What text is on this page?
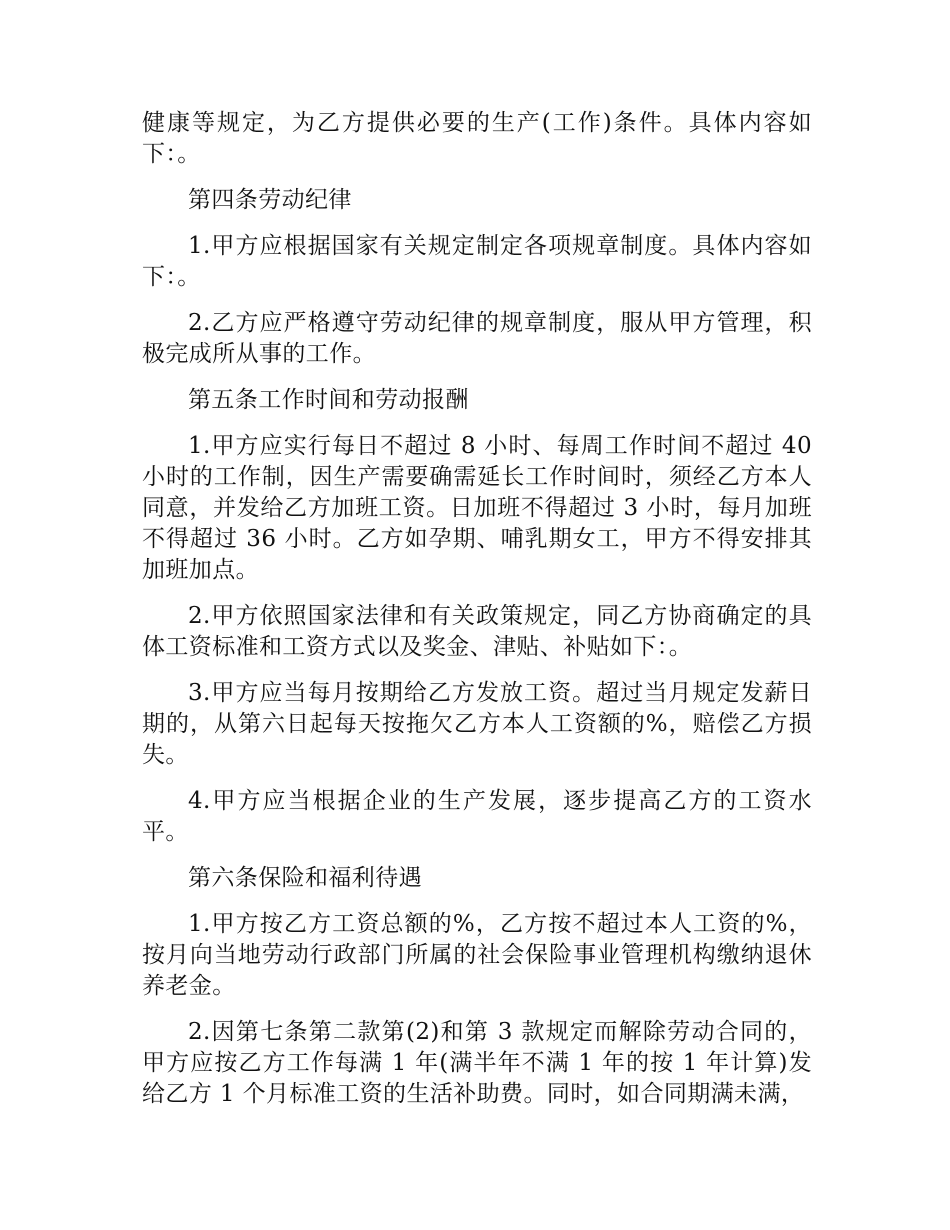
健康等规定，为乙方提供必要的生产(工作)条件。具体内容如下：。

第四条劳动纪律

1.甲方应根据国家有关规定制定各项规章制度。具体内容如下：。

2.乙方应严格遵守劳动纪律的规章制度，服从甲方管理，积极完成所从事的工作。

第五条工作时间和劳动报酬

1.甲方应实行每日不超过 8 小时、每周工作时间不超过 40 小时的工作制，因生产需要确需延长工作时间时，须经乙方本人同意，并发给乙方加班工资。日加班不得超过 3 小时，每月加班不得超过 36 小时。乙方如孕期、哺乳期女工，甲方不得安排其加班加点。

2.甲方依照国家法律和有关政策规定，同乙方协商确定的具体工资标准和工资方式以及奖金、津贴、补贴如下：。

3.甲方应当每月按期给乙方发放工资。超过当月规定发薪日期的，从第六日起每天按拖欠乙方本人工资额的%，赔偿乙方损失。

4.甲方应当根据企业的生产发展，逐步提高乙方的工资水平。

第六条保险和福利待遇

1.甲方按乙方工资总额的%，乙方按不超过本人工资的%，按月向当地劳动行政部门所属的社会保险事业管理机构缴纳退休养老金。

2.因第七条第二款第(2)和第 3 款规定而解除劳动合同的，甲方应按乙方工作每满 1 年(满半年不满 1 年的按 1 年计算)发给乙方 1 个月标准工资的生活补助费。同时，如合同期满未满，
